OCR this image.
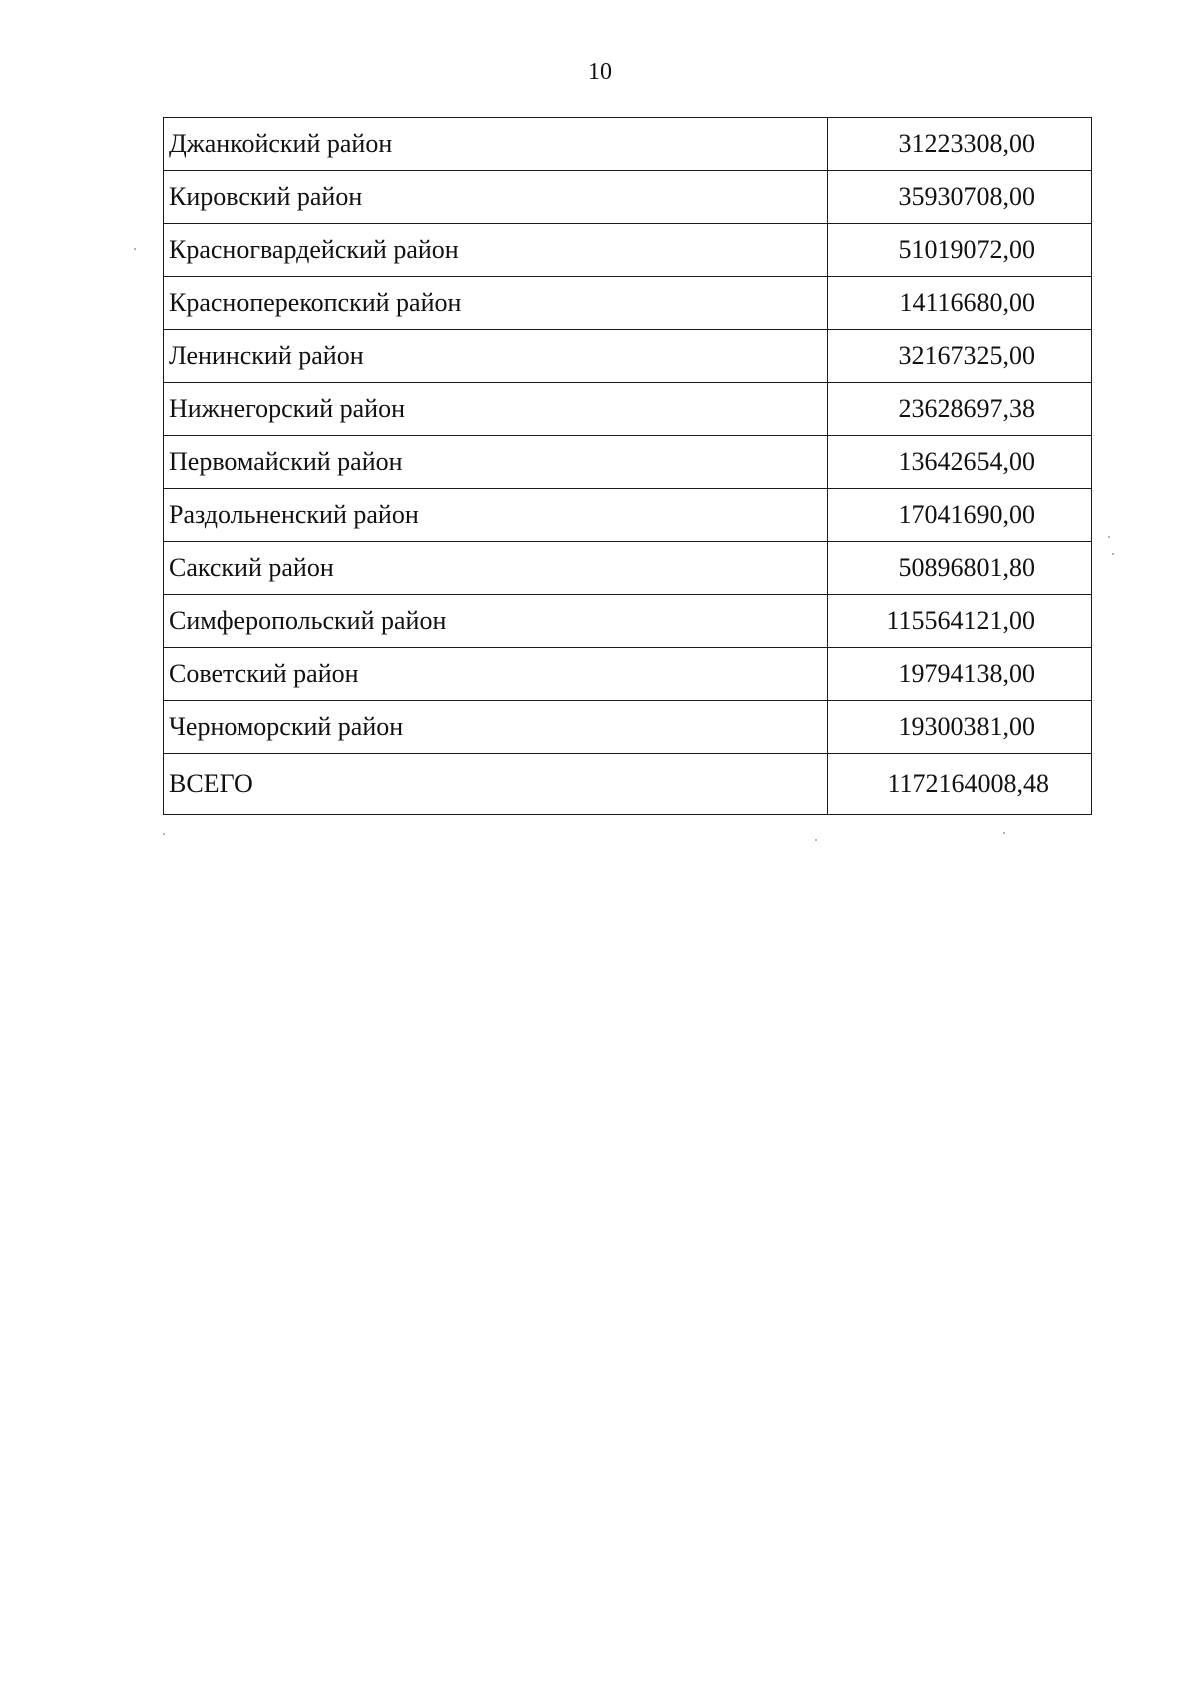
10
Джанкойский район	31223308,00
Кировский район	35930708,00
Красногвардейский район	51019072,00
Красноперекопский район	14116680,00
Ленинский район	32167325,00
Нижнегорский район	23628697,38
Первомайский район	13642654,00
Раздольненский район	17041690,00
Сакский район	50896801,80
Симферопольский район	115564121,00
Советский район	19794138,00
Черноморский район	19300381,00
ВСЕГО	1172164008,48
